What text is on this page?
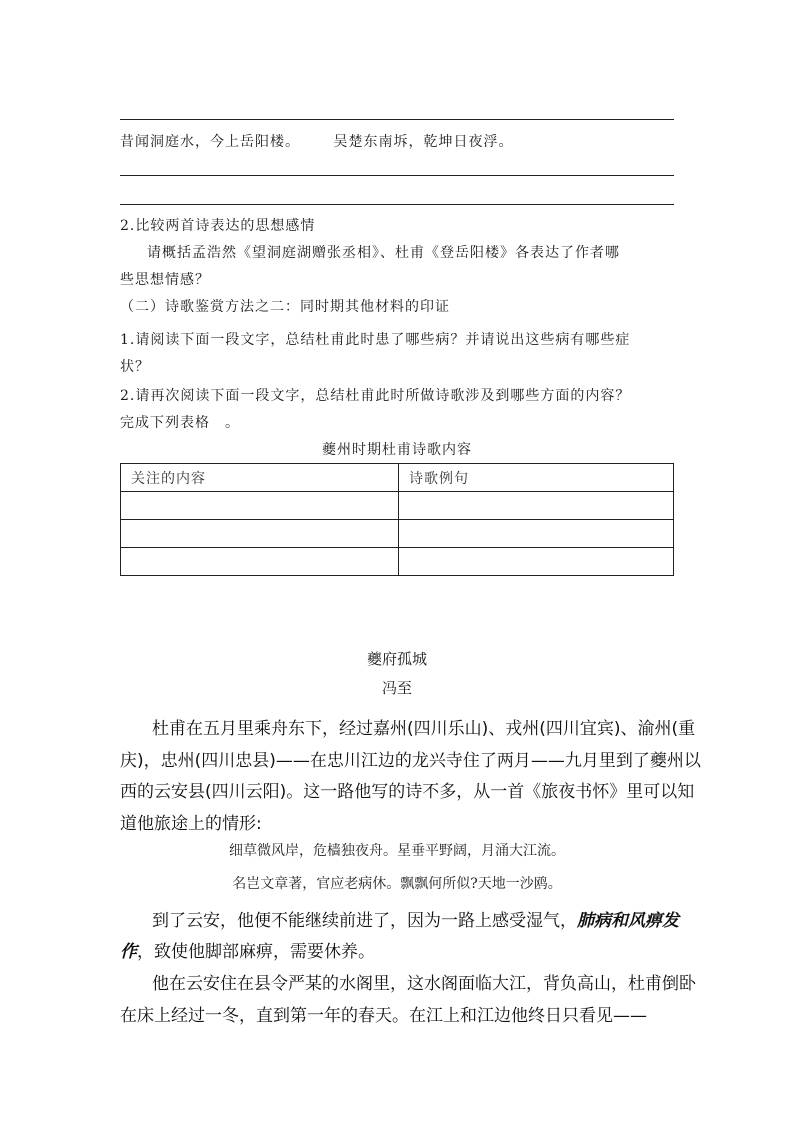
昔闻洞庭水，今上岳阳楼。 吴楚东南坼，乾坤日夜浮。
2.比较两首诗表达的思想感情
请概括孟浩然《望洞庭湖赠张丞相》、杜甫《登岳阳楼》各表达了作者哪
些思想情感？
（二）诗歌鉴赏方法之二：同时期其他材料的印证
1.请阅读下面一段文字，总结杜甫此时患了哪些病？并请说出这些病有哪些症
状？
2.请再次阅读下面一段文字，总结杜甫此时所做诗歌涉及到哪些方面的内容？
完成下列表格　。
夔州时期杜甫诗歌内容
关注的内容	诗歌例句

夔府孤城
冯至
杜甫在五月里乘舟东下，经过嘉州(四川乐山)、戎州(四川宜宾)、渝州(重
庆)，忠州(四川忠县)——在忠川江边的龙兴寺住了两月——九月里到了夔州以
西的云安县(四川云阳)。这一路他写的诗不多，从一首《旅夜书怀》里可以知
道他旅途上的情形:
细草微风岸，危樯独夜舟。星垂平野阔，月涌大江流。
名岂文章著，官应老病休。飘飘何所似?天地一沙鸥。
到了云安，他便不能继续前进了，因为一路上感受湿气，肺病和风痹发
作，致使他脚部麻痹，需要休养。
他在云安住在县令严某的水阁里，这水阁面临大江，背负高山，杜甫倒卧
在床上经过一冬，直到第一年的春天。在江上和江边他终日只看见——
